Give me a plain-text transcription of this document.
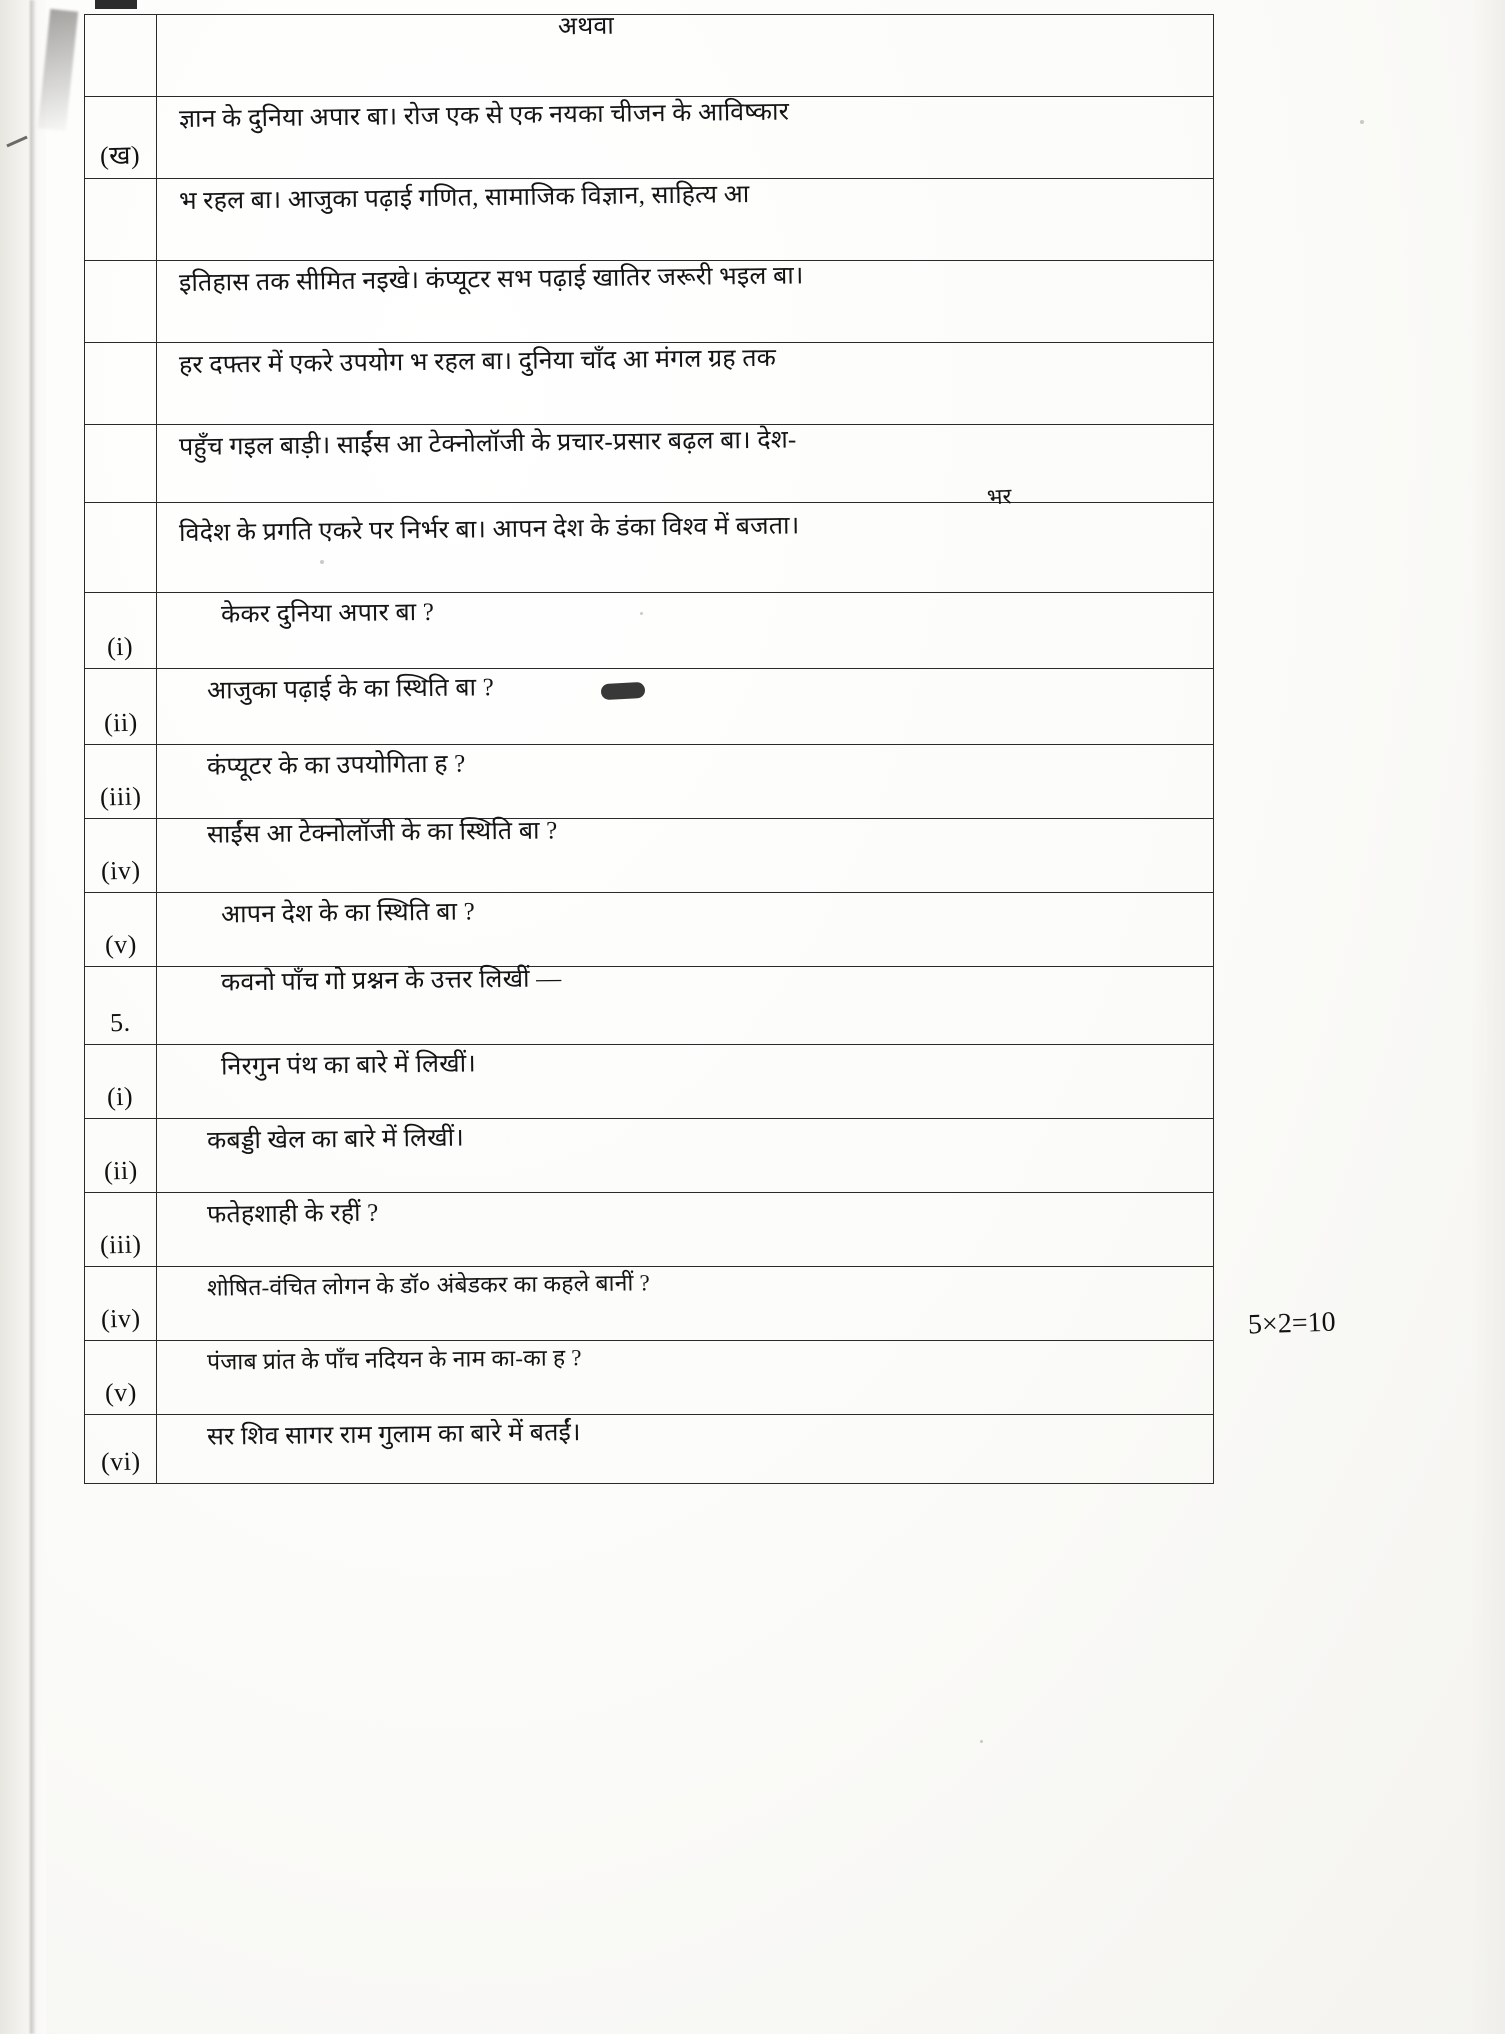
अथवा
(ख)
ज्ञान के दुनिया अपार बा। रोज एक से एक नयका चीजन के आविष्कार
भ रहल बा। आजुका पढ़ाई गणित, सामाजिक विज्ञान, साहित्य आ
इतिहास तक सीमित नइखे। कंप्यूटर सभ पढ़ाई खातिर जरूरी भइल बा।
हर दफ्तर में एकरे उपयोग भ रहल बा। दुनिया चाँद आ मंगल ग्रह तक
पहुँच गइल बाड़ी। साईंस आ टेक्नोलॉजी के प्रचार-प्रसार बढ़ल बा। देश-
भर
विदेश के प्रगति एकरे पर निर्भर बा। आपन देश के डंका विश्व में बजता।
(i)
केकर दुनिया अपार बा ?
(ii)
आजुका पढ़ाई के का स्थिति बा ?
(iii)
कंप्यूटर के का उपयोगिता ह ?
(iv)
साईंस आ टेक्नोलॉजी के का स्थिति बा ?
(v)
आपन देश के का स्थिति बा ?
5.
कवनो पाँच गो प्रश्नन के उत्तर लिखीं —
(i)
निरगुन पंथ का बारे में लिखीं।
(ii)
कबड्डी खेल का बारे में लिखीं।
(iii)
फतेहशाही के रहीं ?
(iv)
शोषित-वंचित लोगन के डॉ० अंबेडकर का कहले बानीं ?
(v)
पंजाब प्रांत के पाँच नदियन के नाम का-का ह ?
(vi)
सर शिव सागर राम गुलाम का बारे में बतईं।
5×2=10
